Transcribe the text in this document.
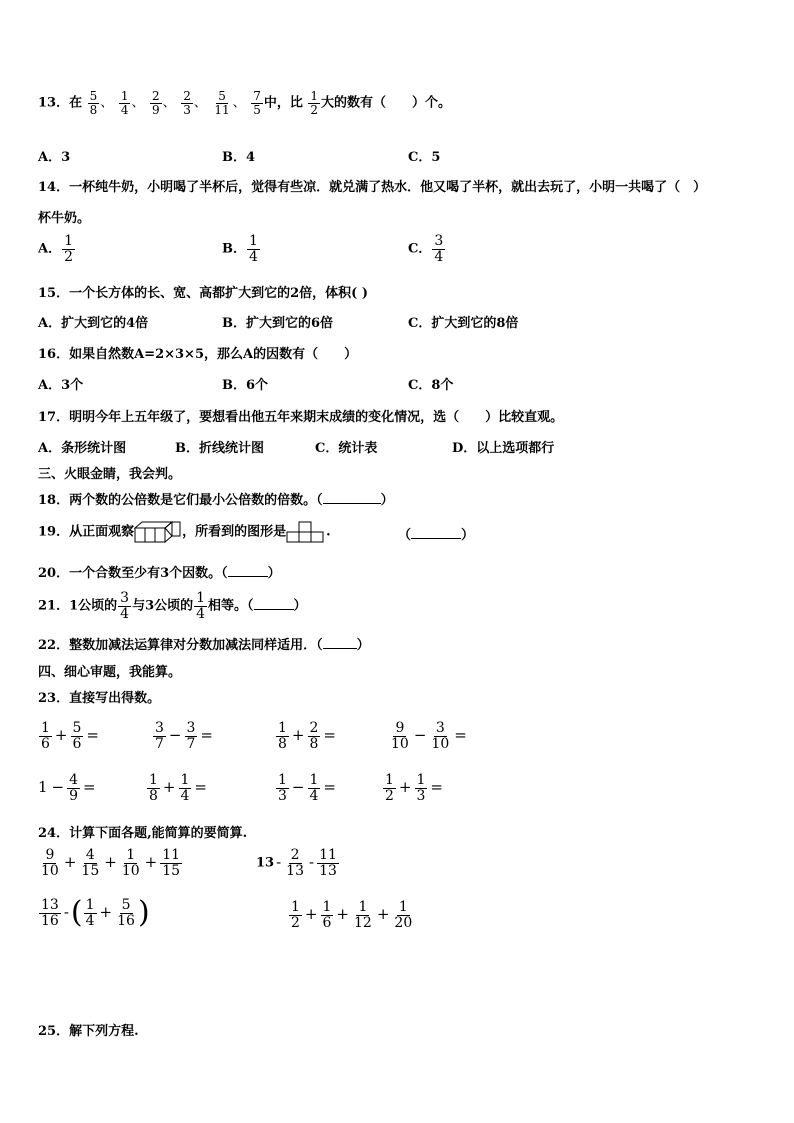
13．在 $\frac{5}{8}$ 、 $\frac{1}{4}$ 、 $\frac{2}{9}$ 、 $\frac{2}{3}$ 、 $\frac{5}{11}$ 、 $\frac{7}{5}$ 中，比 $\frac{1}{2}$ 大的数有（　　）个。
A．3	B．4	C．5
14．一杯纯牛奶，小明喝了半杯后，觉得有些凉．就兑满了热水．他又喝了半杯，就出去玩了，小明一共喝了（　）
杯牛奶。
A． $\frac{1}{2}$	B． $\frac{1}{4}$	C． $\frac{3}{4}$
15．一个长方体的长、宽、高都扩大到它的2倍，体积( )
A．扩大到它的4倍	B．扩大到它的6倍	C．扩大到它的8倍
16．如果自然数A=2×3×5，那么A的因数有（　　）
A．3个	B．6个	C．8个
17．明明今年上五年级了，要想看出他五年来期末成绩的变化情况，选（　　）比较直观。
A．条形统计图	B．折线统计图	C．统计表	D．以上选项都行
三、火眼金睛，我会判。
18．两个数的公倍数是它们最小公倍数的倍数。（	）
19．从正面观察	，所看到的图形是	.	（	）
20．一个合数至少有3个因数。（	）
21．1公顷的 $\frac{3}{4}$ 与3公顷的 $\frac{1}{4}$ 相等。（	）
22．整数加减法运算律对分数加减法同样适用．（	）
四、细心审题，我能算。
23．直接写出得数。
$\frac{1}{6} + \frac{5}{6}$ =	$\frac{3}{7} - \frac{3}{7}$ =	$\frac{1}{8} + \frac{2}{8}$ =	$\frac{9}{10} - \frac{3}{10}$ =
$1 - \frac{4}{9}$ =	$\frac{1}{8} + \frac{1}{4}$ =	$\frac{1}{3} - \frac{1}{4}$ =	$\frac{1}{2} + \frac{1}{3}$ =
24．计算下面各题,能简算的要简算.
$\frac{9}{10} + \frac{4}{15} + \frac{1}{10} + \frac{11}{15}$	$13 - \frac{2}{13} - \frac{11}{13}$
$\frac{13}{16}$ -( $\frac{1}{4} + \frac{5}{16}$ )	$\frac{1}{2} + \frac{1}{6} + \frac{1}{12} + \frac{1}{20}$
25．解下列方程.
